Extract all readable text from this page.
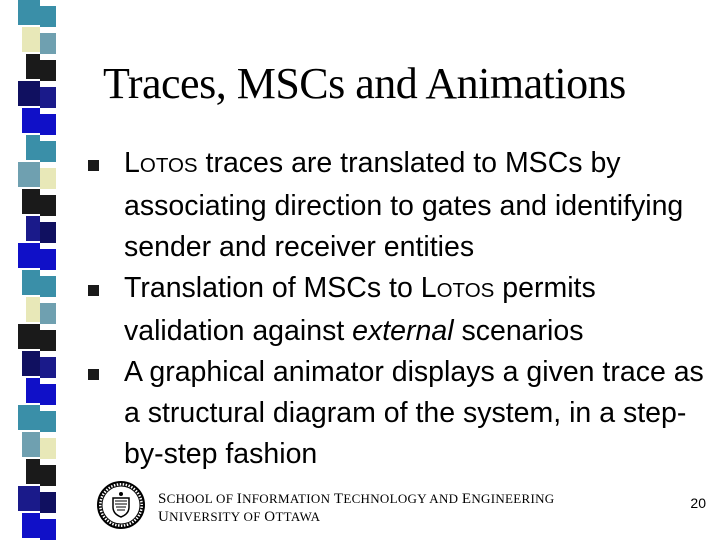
Traces, MSCs and Animations
LOTOS traces are translated to MSCs by associating direction to gates and identifying sender and receiver entities
Translation of MSCs to LOTOS permits validation against external scenarios
A graphical animator displays a given trace as a structural diagram of the system, in a step-by-step fashion
SCHOOL OF INFORMATION TECHNOLOGY AND ENGINEERING
UNIVERSITY OF OTTAWA
20
